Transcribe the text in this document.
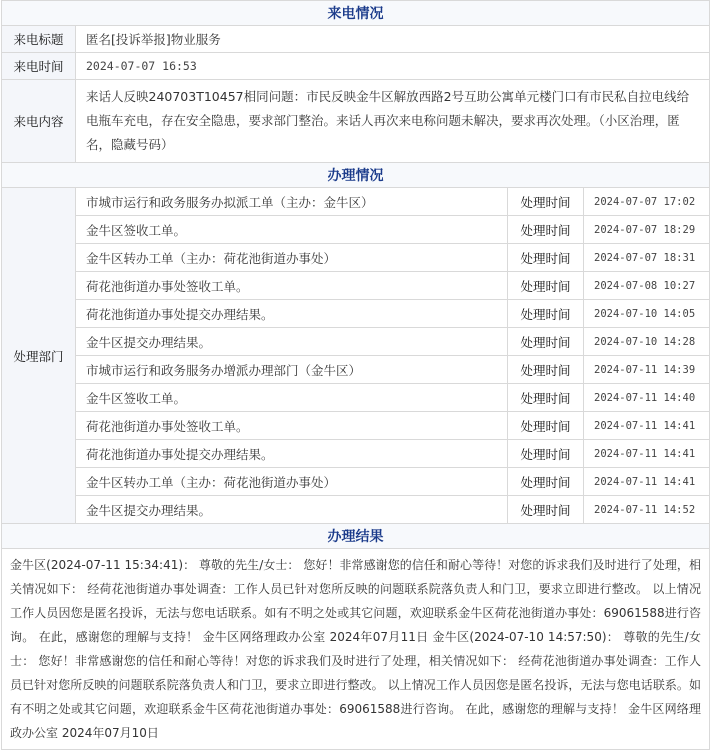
来电情况			
来电标题	匿名[投诉举报]物业服务		
来电时间	2024-07-07 16:53		
来电内容	来话人反映240703T10457相同问题：市民反映金牛区解放西路2号互助公寓单元楼门口有市民私自拉电线给电瓶车充电，存在安全隐患，要求部门整治。来话人再次来电称问题未解决，要求再次处理。（小区治理，匿名，隐藏号码）		
办理情况			
处理部门	市城市运行和政务服务办拟派工单（主办：金牛区）	处理时间	2024-07-07 17:02
	金牛区签收工单。	处理时间	2024-07-07 18:29
	金牛区转办工单（主办：荷花池街道办事处）	处理时间	2024-07-07 18:31
	荷花池街道办事处签收工单。	处理时间	2024-07-08 10:27
	荷花池街道办事处提交办理结果。	处理时间	2024-07-10 14:05
	金牛区提交办理结果。	处理时间	2024-07-10 14:28
	市城市运行和政务服务办增派办理部门（金牛区）	处理时间	2024-07-11 14:39
	金牛区签收工单。	处理时间	2024-07-11 14:40
	荷花池街道办事处签收工单。	处理时间	2024-07-11 14:41
	荷花池街道办事处提交办理结果。	处理时间	2024-07-11 14:41
	金牛区转办工单（主办：荷花池街道办事处）	处理时间	2024-07-11 14:41
	金牛区提交办理结果。	处理时间	2024-07-11 14:52
办理结果			
金牛区(2024-07-11 15:34:41)： 尊敬的先生/女士： 您好！非常感谢您的信任和耐心等待！对您的诉求我们及时进行了处理，相关情况如下： 经荷花池街道办事处调查：工作人员已针对您所反映的问题联系院落负责人和门卫，要求立即进行整改。 以上情况工作人员因您是匿名投诉，无法与您电话联系。如有不明之处或其它问题，欢迎联系金牛区荷花池街道办事处：69061588进行咨询。 在此，感谢您的理解与支持！ 金牛区网络理政办公室 2024年07月11日 金牛区(2024-07-10 14:57:50)： 尊敬的先生/女士： 您好！非常感谢您的信任和耐心等待！对您的诉求我们及时进行了处理，相关情况如下： 经荷花池街道办事处调查：工作人员已针对您所反映的问题联系院落负责人和门卫，要求立即进行整改。 以上情况工作人员因您是匿名投诉，无法与您电话联系。如有不明之处或其它问题，欢迎联系金牛区荷花池街道办事处：69061588进行咨询。 在此，感谢您的理解与支持！ 金牛区网络理政办公室 2024年07月10日			
